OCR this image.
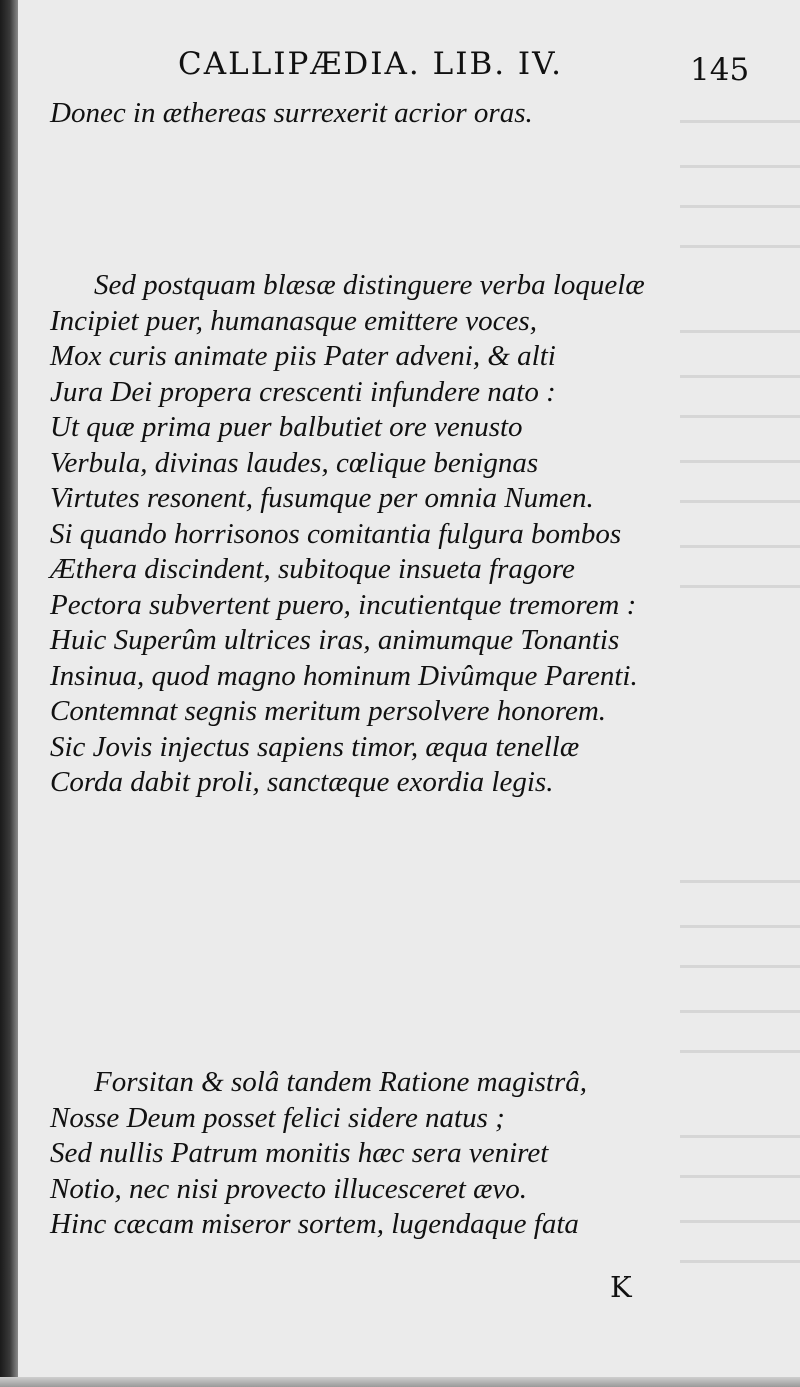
CALLIPÆDIA. LIB. IV.	145
Donec in æthereas surrexerit acrior oras.
Sed postquam blæsæ distinguere verba loquelæ
Incipiet puer, humanasque emittere voces,
Mox curis animate piis Pater adveni, & alti
Jura Dei propera crescenti infundere nato :
Ut quæ prima puer balbutiet ore venusto
Verbula, divinas laudes, cœlique benignas
Virtutes resonent, fusumque per omnia Numen.
Si quando horrisonos comitantia fulgura bombos
Æthera discindent, subitoque insueta fragore
Pectora subvertent puero, incutientque tremorem :
Huic Superûm ultrices iras, animumque Tonantis
Insinua, quod magno hominum Divûmque Parenti.
Contemnat segnis meritum persolvere honorem.
Sic Jovis injectus sapiens timor, æqua tenellæ
Corda dabit proli, sanctæque exordia legis.
Forsitan & solâ tandem Ratione magistrâ,
Nosse Deum posset felici sidere natus ;
Sed nullis Patrum monitis hæc sera veniret
Notio, nec nisi provecto illucesceret ævo.
Hinc cæcam miseror sortem, lugendaque fata
K
